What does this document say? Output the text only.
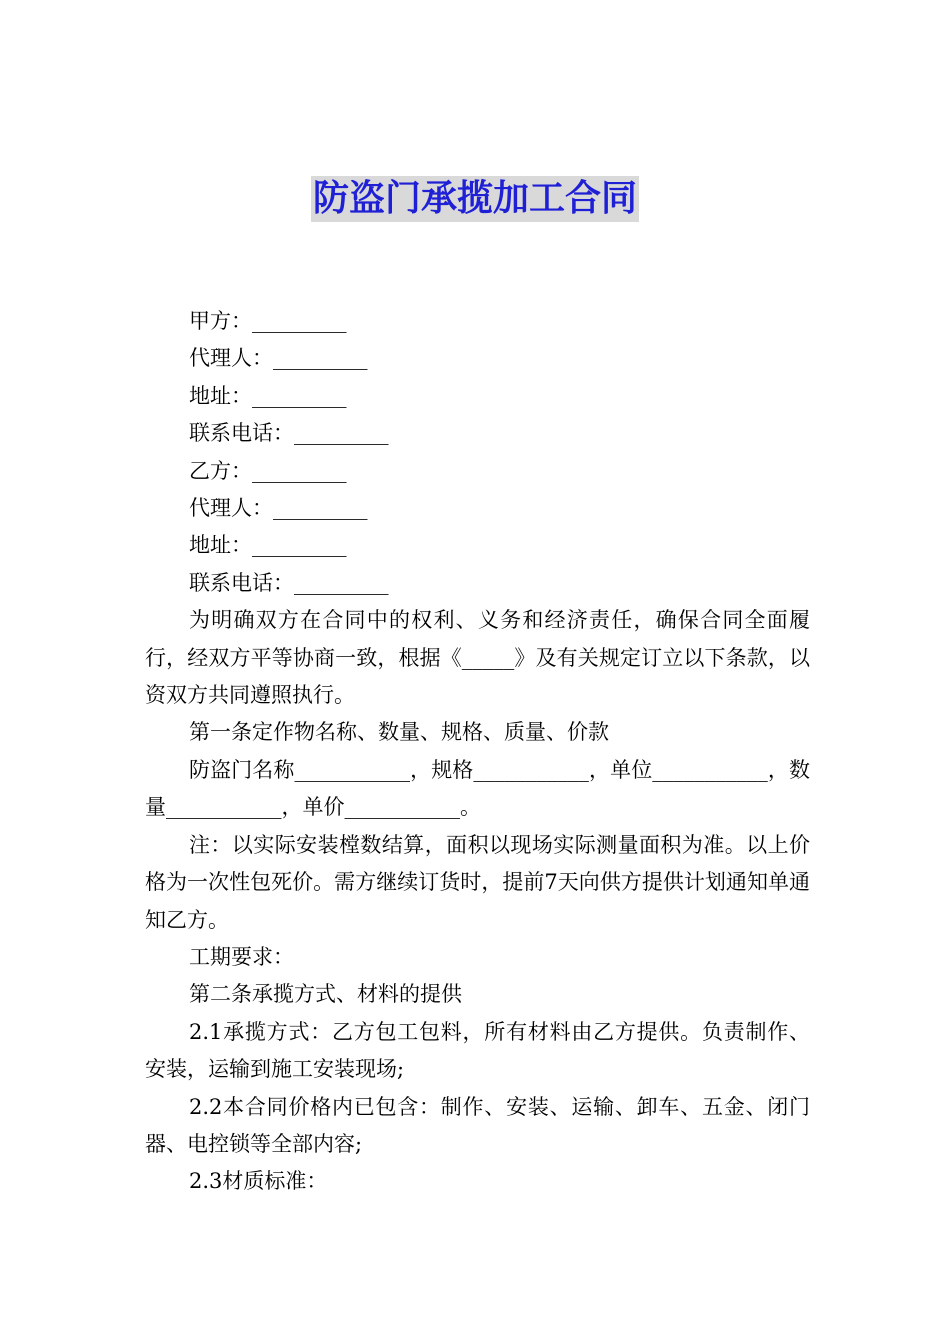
防盗门承揽加工合同

甲方：_________

代理人：_________

地址：_________

联系电话：_________

乙方：_________

代理人：_________

地址：_________

联系电话：_________

为明确双方在合同中的权利、义务和经济责任，确保合同全面履行，经双方平等协商一致，根据《_____》及有关规定订立以下条款，以资双方共同遵照执行。

第一条定作物名称、数量、规格、质量、价款

防盗门名称___________，规格___________，单位___________，数量___________，单价___________。

注：以实际安装樘数结算，面积以现场实际测量面积为准。以上价格为一次性包死价。需方继续订货时，提前7天向供方提供计划通知单通知乙方。

工期要求：

第二条承揽方式、材料的提供

2.1承揽方式：乙方包工包料，所有材料由乙方提供。负责制作、安装，运输到施工安装现场;

2.2本合同价格内已包含：制作、安装、运输、卸车、五金、闭门器、电控锁等全部内容;

2.3材质标准：
